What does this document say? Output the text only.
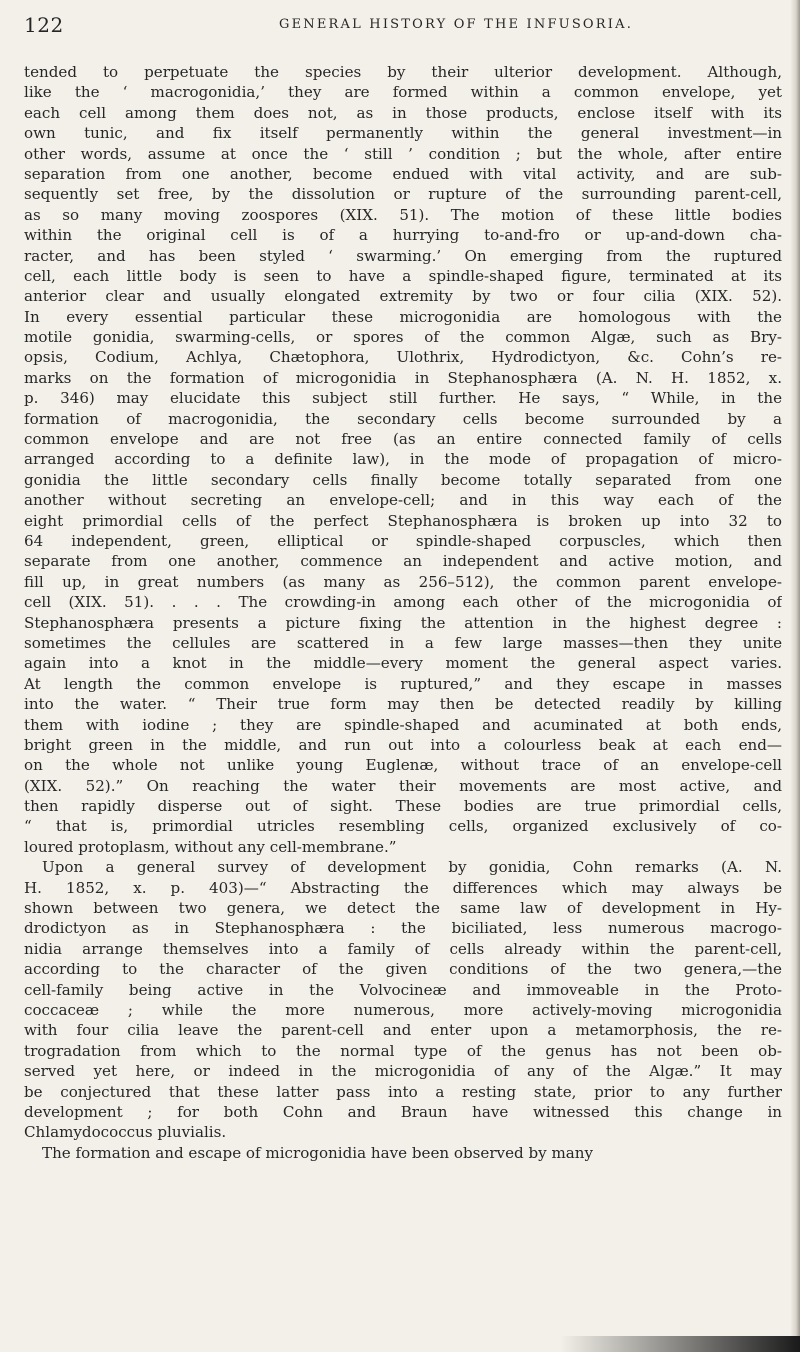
122	GENERAL HISTORY OF THE INFUSORIA.
tended to perpetuate the species by their ulterior development. Although,
like the ‘ macrogonidia,’ they are formed within a common envelope, yet
each cell among them does not, as in those products, enclose itself with its
own tunic, and fix itself permanently within the general investment—in
other words, assume at once the ‘ still ’ condition ; but the whole, after entire
separation from one another, become endued with vital activity, and are sub-
sequently set free, by the dissolution or rupture of the surrounding parent-cell,
as so many moving zoospores (XIX. 51). The motion of these little bodies
within the original cell is of a hurrying to-and-fro or up-and-down cha-
racter, and has been styled ‘ swarming.’ On emerging from the ruptured
cell, each little body is seen to have a spindle-shaped figure, terminated at its
anterior clear and usually elongated extremity by two or four cilia (XIX. 52).
In every essential particular these microgonidia are homologous with the
motile gonidia, swarming-cells, or spores of the common Algæ, such as Bry-
opsis, Codium, Achlya, Chætophora, Ulothrix, Hydrodictyon, &c. Cohn’s re-
marks on the formation of microgonidia in Stephanosphæra (A. N. H. 1852, x.
p. 346) may elucidate this subject still further. He says, “ While, in the
formation of macrogonidia, the secondary cells become surrounded by a
common envelope and are not free (as an entire connected family of cells
arranged according to a definite law), in the mode of propagation of micro-
gonidia the little secondary cells finally become totally separated from one
another without secreting an envelope-cell; and in this way each of the
eight primordial cells of the perfect Stephanosphæra is broken up into 32 to
64 independent, green, elliptical or spindle-shaped corpuscles, which then
separate from one another, commence an independent and active motion, and
fill up, in great numbers (as many as 256–512), the common parent envelope-
cell (XIX. 51). . . . The crowding-in among each other of the microgonidia of
Stephanosphæra presents a picture fixing the attention in the highest degree :
sometimes the cellules are scattered in a few large masses—then they unite
again into a knot in the middle—every moment the general aspect varies.
At length the common envelope is ruptured,” and they escape in masses
into the water. “ Their true form may then be detected readily by killing
them with iodine ; they are spindle-shaped and acuminated at both ends,
bright green in the middle, and run out into a colourless beak at each end—
on the whole not unlike young Euglenæ, without trace of an envelope-cell
(XIX. 52).” On reaching the water their movements are most active, and
then rapidly disperse out of sight. These bodies are true primordial cells,
“ that is, primordial utricles resembling cells, organized exclusively of co-
loured protoplasm, without any cell-membrane.”
Upon a general survey of development by gonidia, Cohn remarks (A. N.
H. 1852, x. p. 403)—“ Abstracting the differences which may always be
shown between two genera, we detect the same law of development in Hy-
drodictyon as in Stephanosphæra : the biciliated, less numerous macrogo-
nidia arrange themselves into a family of cells already within the parent-cell,
according to the character of the given conditions of the two genera,—the
cell-family being active in the Volvocineæ and immoveable in the Proto-
coccaceæ ; while the more numerous, more actively-moving microgonidia
with four cilia leave the parent-cell and enter upon a metamorphosis, the re-
trogradation from which to the normal type of the genus has not been ob-
served yet here, or indeed in the microgonidia of any of the Algæ.” It may
be conjectured that these latter pass into a resting state, prior to any further
development ; for both Cohn and Braun have witnessed this change in
Chlamydococcus pluvialis.
The formation and escape of microgonidia have been observed by many
